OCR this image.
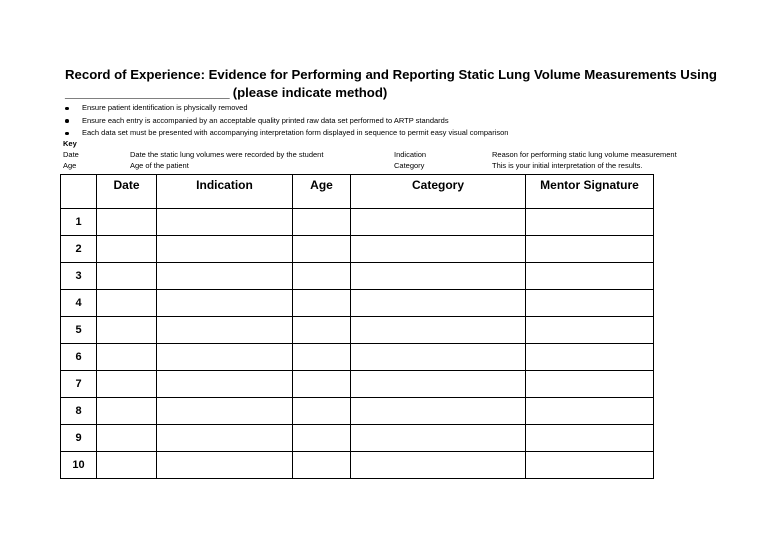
Record of Experience: Evidence for Performing and Reporting Static Lung Volume Measurements Using
________________________ (please indicate method)
Ensure patient identification is physically removed
Ensure each entry is accompanied by an acceptable quality printed raw data set performed to ARTP standards
Each data set must be presented with accompanying interpretation form displayed in sequence to permit easy visual comparison
Key
Date	Date the static lung volumes were recorded by the student	Indication	Reason for performing static lung volume measurement
Age	Age of the patient	Category	This is your initial interpretation of the results.
	Date	Indication	Age	Category	Mentor Signature
1					
2					
3					
4					
5					
6					
7					
8					
9					
10					
